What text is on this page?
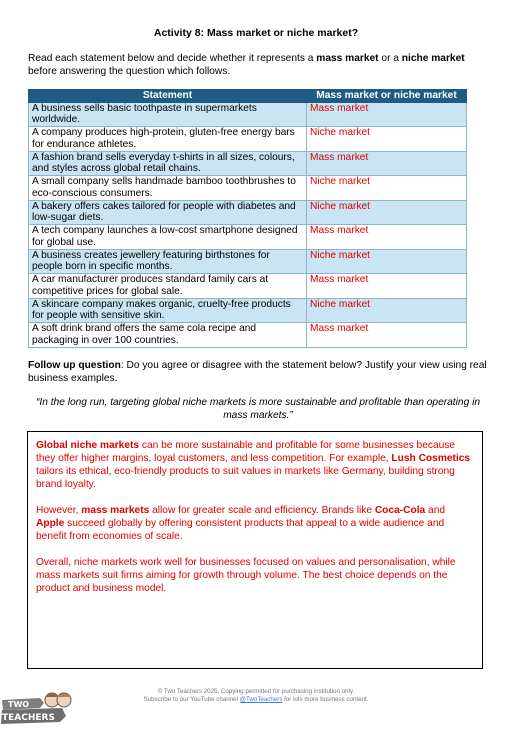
Activity 8: Mass market or niche market?
Read each statement below and decide whether it represents a mass market or a niche market before answering the question which follows.
Statement	Mass market or niche market
A business sells basic toothpaste in supermarkets worldwide.	Mass market
A company produces high-protein, gluten-free energy bars for endurance athletes.	Niche market
A fashion brand sells everyday t-shirts in all sizes, colours, and styles across global retail chains.	Mass market
A small company sells handmade bamboo toothbrushes to eco-conscious consumers.	Niche market
A bakery offers cakes tailored for people with diabetes and low-sugar diets.	Niche market
A tech company launches a low-cost smartphone designed for global use.	Mass market
A business creates jewellery featuring birthstones for people born in specific months.	Niche market
A car manufacturer produces standard family cars at competitive prices for global sale.	Mass market
A skincare company makes organic, cruelty-free products for people with sensitive skin.	Niche market
A soft drink brand offers the same cola recipe and packaging in over 100 countries.	Mass market
Follow up question: Do you agree or disagree with the statement below? Justify your view using real business examples.
“In the long run, targeting global niche markets is more sustainable and profitable than operating in mass markets.”

Global niche markets can be more sustainable and profitable for some businesses because they offer higher margins, loyal customers, and less competition. For example, Lush Cosmetics tailors its ethical, eco-friendly products to suit values in markets like Germany, building strong brand loyalty.

However, mass markets allow for greater scale and efficiency. Brands like Coca-Cola and Apple succeed globally by offering consistent products that appeal to a wide audience and benefit from economies of scale.

Overall, niche markets work well for businesses focused on values and personalisation, while mass markets suit firms aiming for growth through volume. The best choice depends on the product and business model.

TWO
TEACHERS
© Two Teachers 2025. Copying permitted for purchasing institution only.
Subscribe to our YouTube channel @TwoTeachers for lots more business content.
